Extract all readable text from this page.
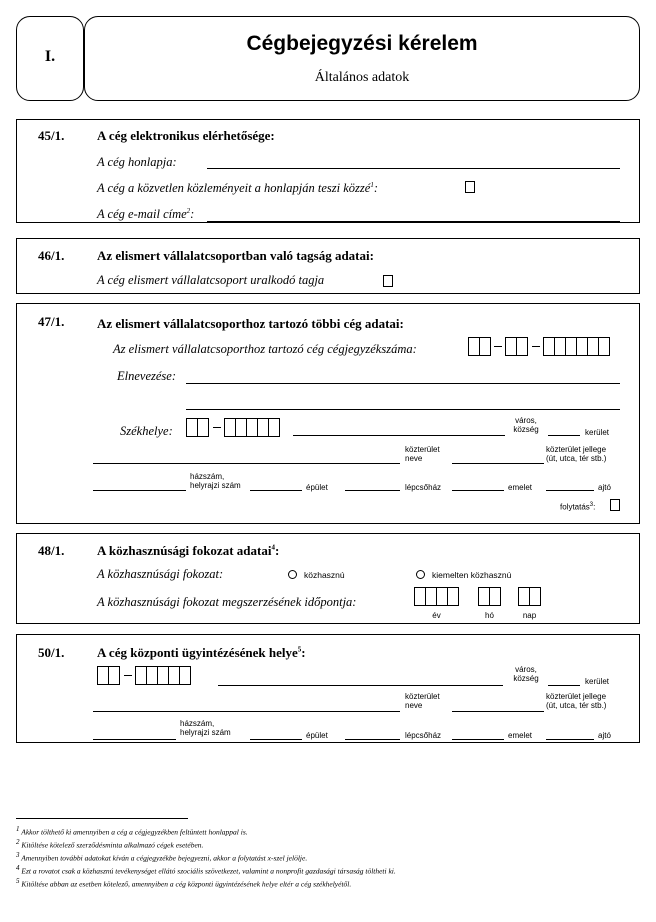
I.
Cégbejegyzési kérelem
Általános adatok
45/1.	A cég elektronikus elérhetősége:
A cég honlapja:
A cég a közvetlen közleményeit a honlapján teszi közzé$^1$:
A cég e-mail címe$^2$:
46/1.	Az elismert vállalatcsoportban való tagság adatai:
A cég elismert vállalatcsoport uralkodó tagja
47/1.	Az elismert vállalatcsoporthoz tartozó többi cég adatai:
Az elismert vállalatcsoporthoz tartozó cég cégjegyzékszáma:
Elnevezése:
Székhelye:
város,
község	kerület
közterület
neve
közterület jellege
(út, utca, tér stb.)
házszám,
helyrajzi szám	épület	lépcsőház	emelet	ajtó
folytatás$^3$:
48/1.	A közhasznúsági fokozat adatai$^4$:
A közhasznúsági fokozat:	közhasznú	kiemelten közhasznú
A közhasznúsági fokozat megszerzésének időpontja:
év	hó	nap
50/1.	A cég központi ügyintézésének helye$^5$:
város,
község	kerület
közterület
neve
közterület jellege
(út, utca, tér stb.)
házszám,
helyrajzi szám	épület	lépcsőház	emelet	ajtó
$^1$ Akkor tölthető ki amennyiben a cég a cégjegyzékben feltüntett honlappal is.
$^2$ Kitöltése kötelező szerződésminta alkalmazó cégek esetében.
$^3$ Amennyiben további adatokat kíván a cégjegyzékbe bejegyezni, akkor a folytatást x-szel jelölje.
$^4$ Ezt a rovatot csak a közhasznú tevékenységet ellátó szociális szövetkezet, valamint a nonprofit gazdasági társaság töltheti ki.
$^5$ Kitöltése abban az esetben kötelező, amennyiben a cég központi ügyintézésének helye eltér a cég székhelyétől.
